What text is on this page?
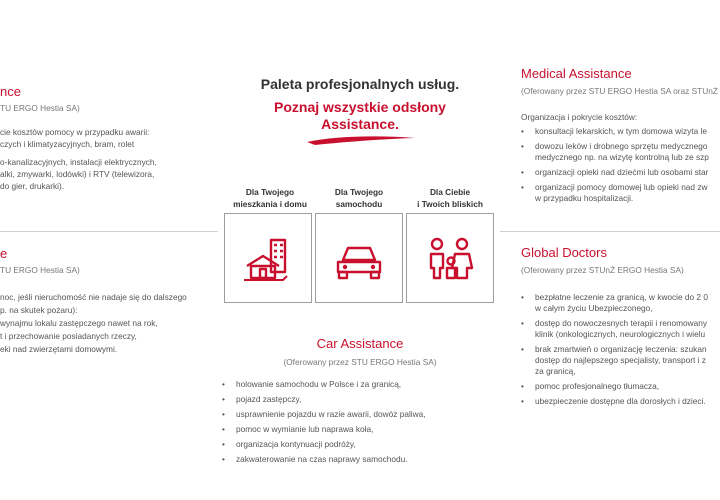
Paleta profesjonalnych usług.
Poznaj wszystkie odsłony
Assistance.
nce
TU ERGO Hestia SA)
cie kosztów pomocy w przypadku awarii:
czych i klimatyzacyjnych, bram, rolet
o-kanalizacyjnych, instalacji elektrycznych,
alki, zmywarki, lodówki) i RTV (telewizora,
do gier, drukarki).
e
TU ERGO Hestia SA)
noc, jeśli nieruchomość nie nadaje się do dalszego
p. na skutek pożaru):
wynajmu lokalu zastępczego nawet na rok,
t i przechowanie posiadanych rzeczy,
eki nad zwierzętami domowymi.
Dla Twojego
mieszkania i domu
Dla Twojego
samochodu
Dla Ciebie
i Twoich bliskich
Car Assistance
(Oferowany przez STU ERGO Hestia SA)
• holowanie samochodu w Polsce i za granicą,
• pojazd zastępczy,
• usprawnienie pojazdu w razie awarii, dowóz paliwa,
• pomoc w wymianie lub naprawa koła,
• organizacja kontynuacji podróży,
• zakwaterowanie na czas naprawy samochodu.
Medical Assistance
(Oferowany przez STU ERGO Hestia SA oraz STUnŻ
Organizacja i pokrycie kosztów:
• konsultacji lekarskich, w tym domowa wizyta le
• dowozu leków i drobnego sprzętu medycznego
medycznego np. na wizytę kontrolną lub ze szp
• organizacji opieki nad dziećmi lub osobami star
• organizacji pomocy domowej lub opieki nad zw
w przypadku hospitalizacji.
Global Doctors
(Oferowany przez STUnŻ ERGO Hestia SA)
• bezpłatne leczenie za granicą, w kwocie do 2 0
w całym życiu Ubezpieczonego,
• dostęp do nowoczesnych terapii i renomowany
klinik (onkologicznych, neurologicznych i wielu
• brak zmartwień o organizację leczenia: szukan
dostęp do najlepszego specjalisty, transport i z
za granicą,
• pomoc profesjonalnego tłumacza,
• ubezpieczenie dostępne dla dorosłych i dzieci.
